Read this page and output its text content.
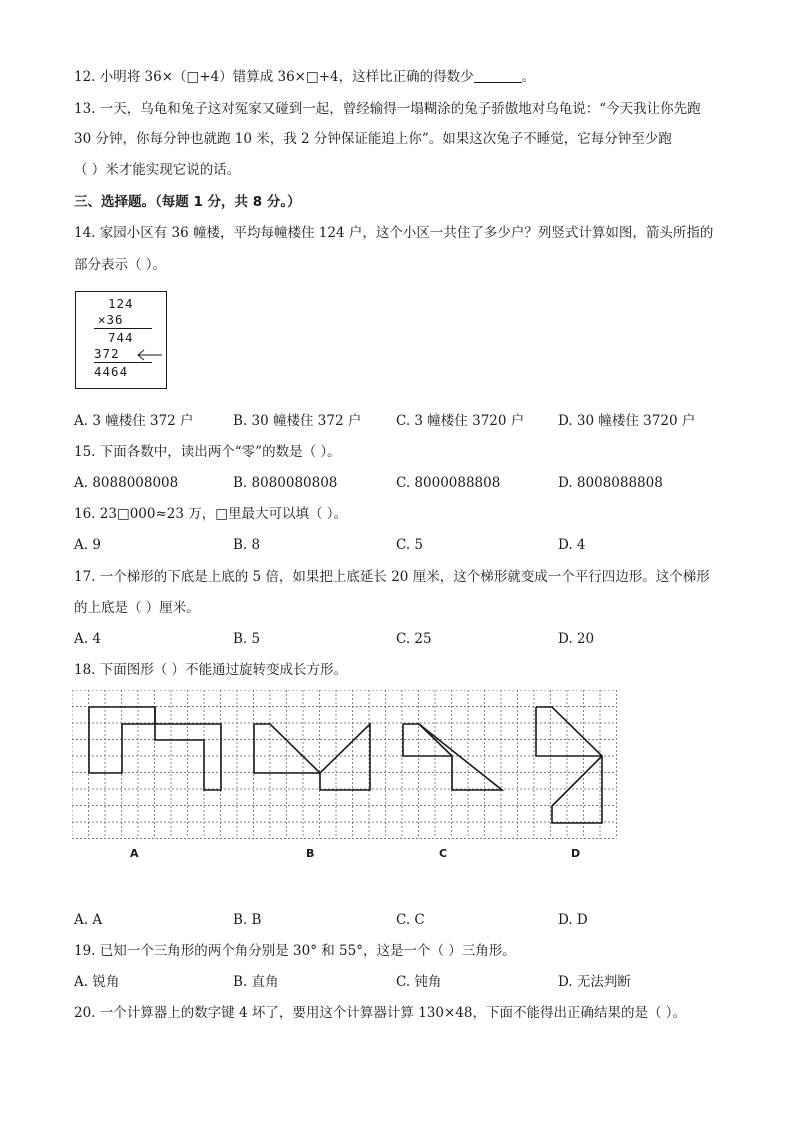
12. 小明将 36×（□+4）错算成 36×□+4，这样比正确的得数少	。
13. 一天，乌龟和兔子这对冤家又碰到一起，曾经输得一塌糊涂的兔子骄傲地对乌龟说：“今天我让你先跑
30 分钟，你每分钟也就跑 10 米，我 2 分钟保证能追上你”。如果这次兔子不睡觉，它每分钟至少跑
（ ）米才能实现它说的话。
三、选择题。（每题 1 分，共 8 分。）
14. 家园小区有 36 幢楼，平均每幢楼住 124 户，这个小区一共住了多少户？列竖式计算如图，箭头所指的
部分表示（ ）。
124
×36
744
372
4464
A. 3 幢楼住 372 户	B. 30 幢楼住 372 户	C. 3 幢楼住 3720 户	D. 30 幢楼住 3720 户
15. 下面各数中，读出两个“零”的数是（ ）。
A. 8088008008	B. 8080080808	C. 8000088808	D. 8008088808
16. 23□000≈23 万，□里最大可以填（ ）。
A. 9	B. 8	C. 5	D. 4
17. 一个梯形的下底是上底的 5 倍，如果把上底延长 20 厘米，这个梯形就变成一个平行四边形。这个梯形
的上底是（ ）厘米。
A. 4	B. 5	C. 25	D. 20
18. 下面图形（ ）不能通过旋转变成长方形。
A	B	C	D
A. A	B. B	C. C	D. D
19. 已知一个三角形的两个角分别是 30° 和 55°，这是一个（ ）三角形。
A. 锐角	B. 直角	C. 钝角	D. 无法判断
20. 一个计算器上的数字键 4 坏了，要用这个计算器计算 130×48，下面不能得出正确结果的是（ ）。
